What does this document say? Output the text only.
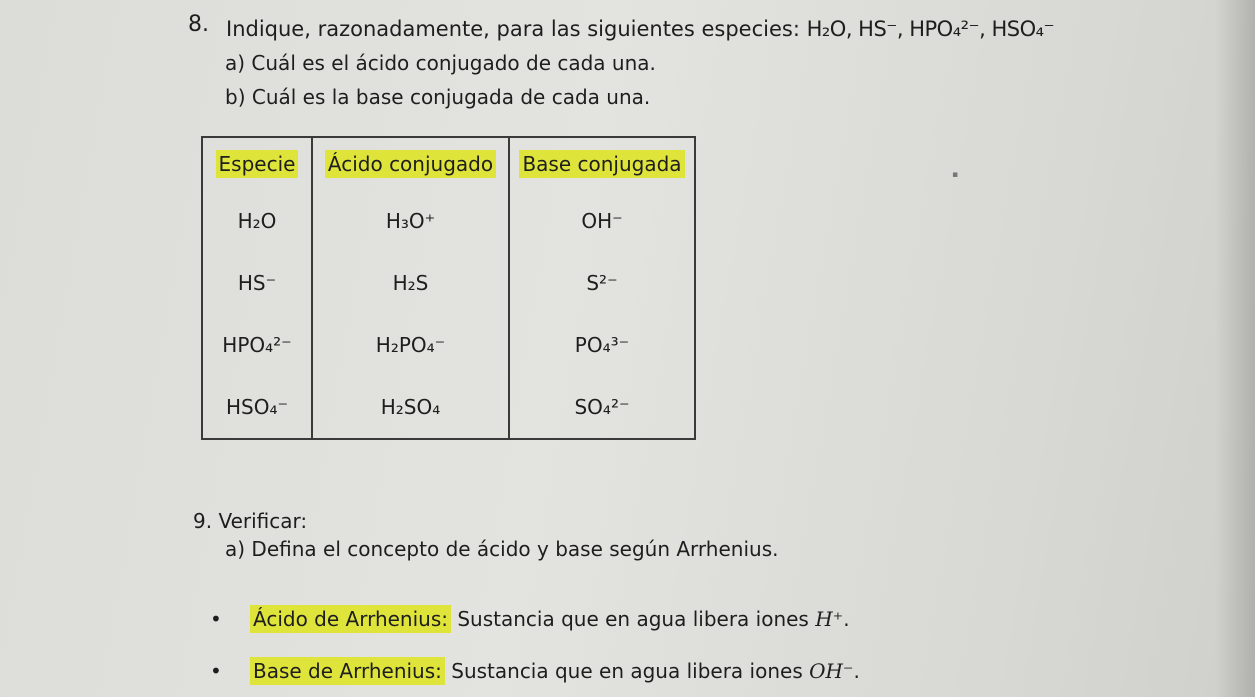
8. Indique, razonadamente, para las siguientes especies: H₂O, HS⁻, HPO₄²⁻, HSO₄⁻
a) Cuál es el ácido conjugado de cada una.
b) Cuál es la base conjugada de cada una.
Especie	Ácido conjugado	Base conjugada
H₂O	H₃O⁺	OH⁻
HS⁻	H₂S	S²⁻
HPO₄²⁻	H₂PO₄⁻	PO₄³⁻
HSO₄⁻	H₂SO₄	SO₄²⁻
▪
9. Verificar:
a) Defina el concepto de ácido y base según Arrhenius.
• Ácido de Arrhenius: Sustancia que en agua libera iones H⁺.
• Base de Arrhenius: Sustancia que en agua libera iones OH⁻.
